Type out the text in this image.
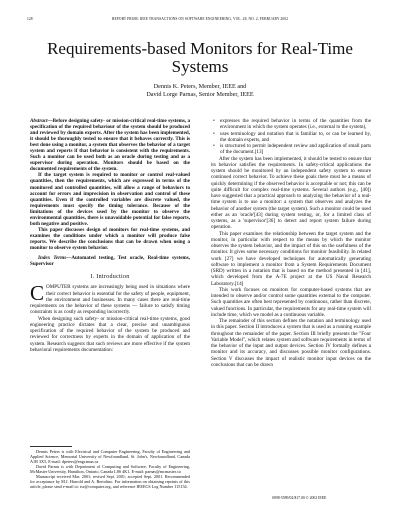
128	REPORT FROM: IEEE TRANSACTIONS ON SOFTWARE ENGINEERING, VOL. 28, NO. 2, FEBRUARY 2002
Requirements-based Monitors for Real-Time
Systems
Dennis K. Peters, Member, IEEE and
David Lorge Parnas, Senior Member, IEEE

Abstract—Before designing safety- or mission-critical real-time systems, a specification of the required behaviour of the system should be produced and reviewed by domain experts. After the system has been implemented, it should be thoroughly tested to ensure that it behaves correctly. This is best done using a monitor, a system that observes the behavior of a target system and reports if that behavior is consistent with the requirements. Such a monitor can be used both as an oracle during testing and as a supervisor during operation. Monitors should be based on the documented requirements of the system.

If the target system is required to monitor or control real-valued quantities, then the requirements, which are expressed in terms of the monitored and controlled quantities, will allow a range of behaviors to account for errors and imprecision in observation and control of these quantities. Even if the controlled variables are discrete valued, the requirements must specify the timing tolerance. Because of the limitations of the devices used by the monitor to observe the environmental quantities, there is unavoidable potential for false reports, both negative and positive.

This paper discusses design of monitors for real-time systems, and examines the conditions under which a monitor will produce false reports. We describe the conclusions that can be drawn when using a monitor to observe system behavior.

Index Terms—Automated testing, Test oracle, Real-time systems, Supervisor

I. Introduction

COMPUTER systems are increasingly being used in situations where their correct behavior is essential for the safety of people, equipment, the environment and businesses. In many cases there are real-time requirements on the behavior of these systems — failure to satisfy timing constraints is as costly as responding incorrectly.

When designing such safety- or mission-critical real-time systems, good engineering practice dictates that a clear, precise and unambiguous specification of the required behavior of the system be produced and reviewed for correctness by experts in the domain of application of the system. Research suggests that such reviews are more effective if the system behavioral requirements documentation:

Dennis Peters is with Electrical and Computer Engineering, Faculty of Engineering and Applied Science, Memorial University of Newfoundland, St. John's, Newfoundland, Canada A1B 3X5, E-mail: dpeters@engr.mun.ca

David Parnas is with Department of Computing and Software, Faculty of Engineering, McMaster University, Hamilton, Ontario, Canada L8S 4K1, E-mail: parnas@mcmaster.ca

Manuscript received Mar. 2001; revised Sept. 2001; accepted Sept. 2001. Recommended for acceptance by M.J. Harrold and A. Bertolino. For information on obtaining reprints of this article, please send e-mail to: tse@computer.org, and reference IEEECS Log Number 115154.

• expresses the required behavior in terms of the quantities from the environment in which the system operates (i.e., external to the system),
• uses terminology and notation that is familiar to, or can be learned by, the domain experts, and
• is structured to permit independent review and application of small parts of the document.[13]

After the system has been implemented, it should be tested to ensure that its behavior satisfies the requirements. In safety-critical applications the system should be monitored by an independent safety system to ensure continued correct behavior. To achieve these goals there must be a means of quickly determining if the observed behavior is acceptable or not; this can be quite difficult for complex real-time systems. Several authors (e.g., [40]) have suggested that a practical approach to analyzing the behavior of a real-time system is to use a monitor: a system that observes and analyzes the behavior of another system (the target system). Such a monitor could be used either as an 'oracle'[43] during system testing, or, for a limited class of systems, as a 'supervisor'[36] to detect and report system failure during operation.

This paper examines the relationship between the target system and the monitor, in particular with respect to the means by which the monitor observes the system behavior, and the impact of this on the usefulness of the monitor. It gives some necessary conditions for monitor feasibility. In related work [27] we have developed techniques for automatically generating software to implement a monitor from a System Requirements Document (SRD) written in a notation that is based on the method presented in [41], which developed from the A-7E project at the US Naval Research Laboratory.[14]

This work focuses on monitors for computer-based systems that are intended to observe and/or control some quantities external to the computer. Such quantities are often best represented by continuous, rather than discrete, valued functions. In particular, the requirements for any real-time system will include time, which we model as a continuous variable.

The remainder of this section defines the notation and terminology used in this paper. Section II introduces a system that is used as a running example throughout the remainder of the paper. Section III briefly presents the "Four Variable Model", which relates system and software requirements in terms of the behavior of the input and output devices. Section IV formally defines a monitor and its accuracy, and discusses possible monitor configurations. Section V discusses the impact of realistic monitor input devices on the conclusions that can be drawn

0098-5589/02/$17.00 © 2002 IEEE
